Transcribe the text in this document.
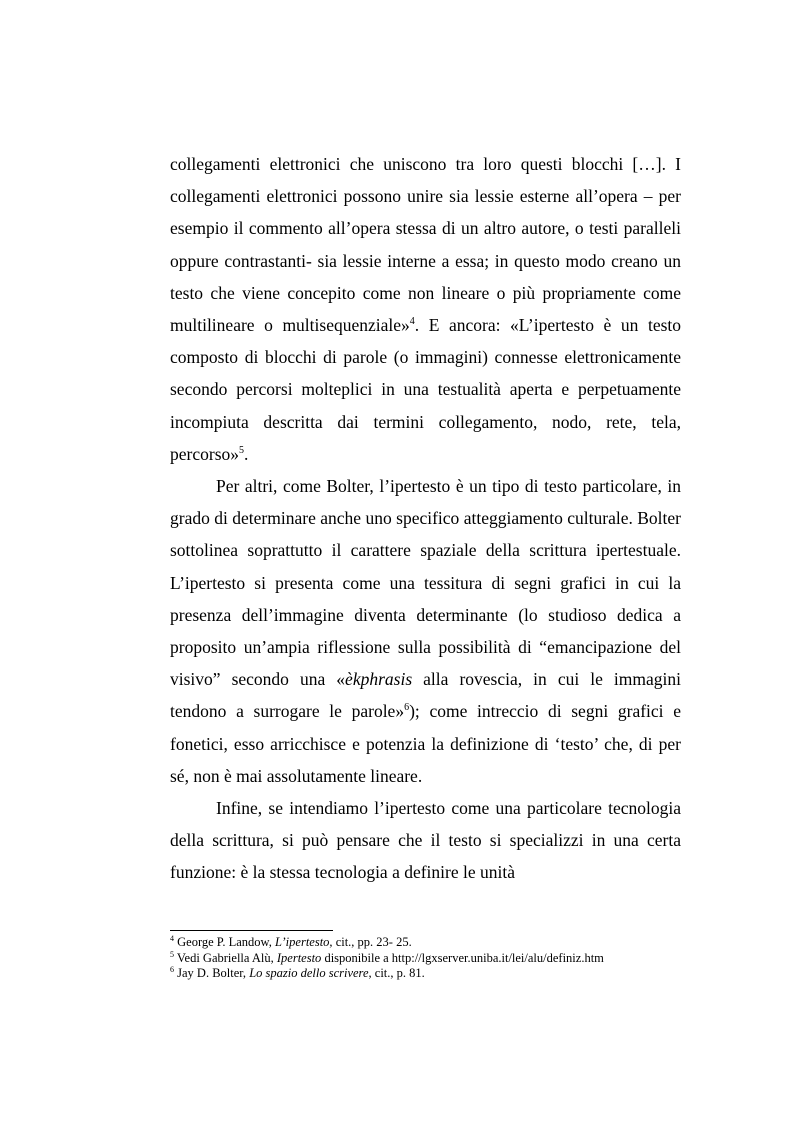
collegamenti elettronici che uniscono tra loro questi blocchi […]. I collegamenti elettronici possono unire sia lessie esterne all’opera – per esempio il commento all’opera stessa di un altro autore, o testi paralleli oppure contrastanti- sia lessie interne a essa; in questo modo creano un testo che viene concepito come non lineare o più propriamente come multilineare o multisequenziale»$^4$. E ancora: «L’ipertesto è un testo composto di blocchi di parole (o immagini) connesse elettronicamente secondo percorsi molteplici in una testualità aperta e perpetuamente incompiuta descritta dai termini collegamento, nodo, rete, tela, percorso»$^5$.

Per altri, come Bolter, l’ipertesto è un tipo di testo particolare, in grado di determinare anche uno specifico atteggiamento culturale. Bolter sottolinea soprattutto il carattere spaziale della scrittura ipertestuale. L’ipertesto si presenta come una tessitura di segni grafici in cui la presenza dell’immagine diventa determinante (lo studioso dedica a proposito un’ampia riflessione sulla possibilità di “emancipazione del visivo” secondo una «èkphrasis alla rovescia, in cui le immagini tendono a surrogare le parole»$^6$); come intreccio di segni grafici e fonetici, esso arricchisce e potenzia la definizione di ‘testo’ che, di per sé, non è mai assolutamente lineare.

Infine, se intendiamo l’ipertesto come una particolare tecnologia della scrittura, si può pensare che il testo si specializzi in una certa funzione: è la stessa tecnologia a definire le unità

$^4$ George P. Landow, L’ipertesto, cit., pp. 23- 25.
$^5$ Vedi Gabriella Alù, Ipertesto disponibile a http://lgxserver.uniba.it/lei/alu/definiz.htm
$^6$ Jay D. Bolter, Lo spazio dello scrivere, cit., p. 81.
